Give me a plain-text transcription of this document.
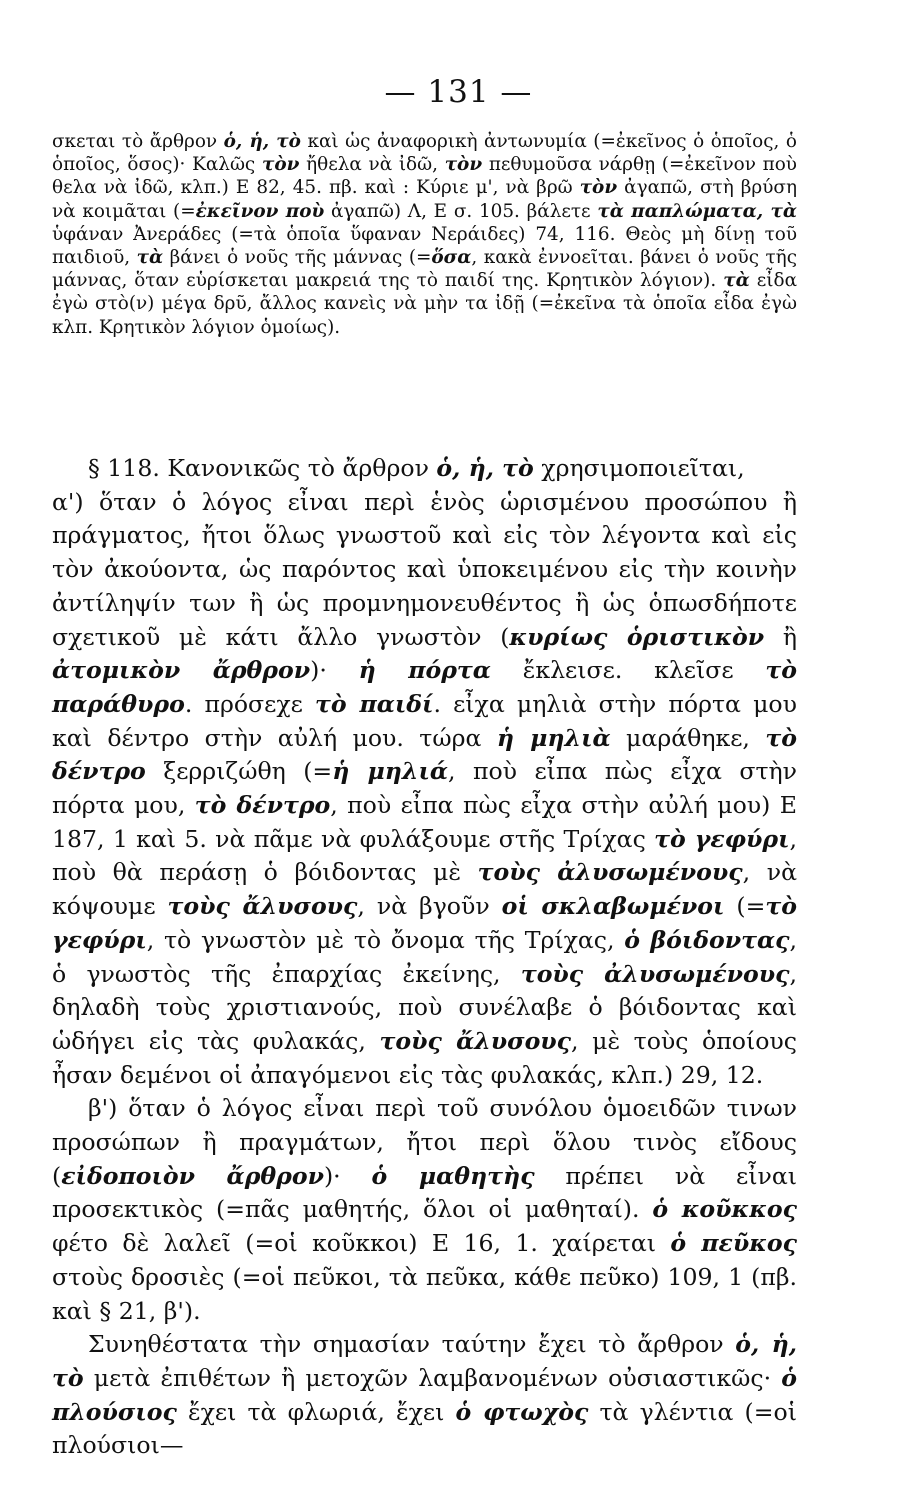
— 131 —

σκεται τὸ ἄρθρον ὁ, ἡ, τὸ καὶ ὡς ἀναφορικὴ ἀντωνυμία (=ἐκεῖνος ὁ ὁποῖος, ὁ ὁποῖος, ὅσος)· Καλῶς τὸν ἤθελα νὰ ἰδῶ, τὸν πεθυμοῦσα νάρθῃ (=ἐκεῖνον ποὺ θελα νὰ ἰδῶ, κλπ.) Ε 82, 45. πβ. καὶ : Κύριε μ', νὰ βρῶ τὸν ἀγαπῶ, στὴ βρύση νὰ κοιμᾶται (=ἐκεῖνον ποὺ ἀγαπῶ) Λ, Ε σ. 105. βάλετε τὰ παπλώματα, τὰ ὑφάναν Ἀνεράδες (=τὰ ὁποῖα ὕφαναν Νεράιδες) 74, 116. Θεὸς μὴ δίνῃ τοῦ παιδιοῦ, τὰ βάνει ὁ νοῦς τῆς μάννας (=ὅσα, κακὰ ἐννοεῖται. βάνει ὁ νοῦς τῆς μάννας, ὅταν εὑρίσκεται μακρειά της τὸ παιδί της. Κρητικὸν λόγιον). τὰ εἶδα ἐγὼ στὸ(ν) μέγα δρῦ, ἄλλος κανεὶς νὰ μὴν τα ἰδῇ (=ἐκεῖνα τὰ ὁποῖα εἶδα ἐγὼ κλπ. Κρητικὸν λόγιον ὁμοίως).

§ 118. Κανονικῶς τὸ ἄρθρον ὁ, ἡ, τὸ χρησιμοποιεῖται,

α') ὅταν ὁ λόγος εἶναι περὶ ἑνὸς ὡρισμένου προσώπου ἢ πράγματος, ἤτοι ὅλως γνωστοῦ καὶ εἰς τὸν λέγοντα καὶ εἰς τὸν ἀκούοντα, ὡς παρόντος καὶ ὑποκειμένου εἰς τὴν κοινὴν ἀντίληψίν των ἢ ὡς προμνημονευθέντος ἢ ὡς ὁπωσδήποτε σχετικοῦ μὲ κάτι ἄλλο γνωστὸν (κυρίως ὁριστικὸν ἢ ἀτομικὸν ἄρθρον)· ἡ πόρτα ἔκλεισε. κλεῖσε τὸ παράθυρο. πρόσεχε τὸ παιδί. εἶχα μηλιὰ στὴν πόρτα μου καὶ δέντρο στὴν αὐλή μου. τώρα ἡ μηλιὰ μαράθηκε, τὸ δέντρο ξερριζώθη (=ἡ μηλιά, ποὺ εἶπα πὼς εἶχα στὴν πόρτα μου, τὸ δέντρο, ποὺ εἶπα πὼς εἶχα στὴν αὐλή μου) Ε 187, 1 καὶ 5. νὰ πᾶμε νὰ φυλάξουμε στῆς Τρίχας τὸ γεφύρι, ποὺ θὰ περάσῃ ὁ βόιδοντας μὲ τοὺς ἀλυσωμένους, νὰ κόψουμε τοὺς ἄλυσους, νὰ βγοῦν οἱ σκλαβωμένοι (=τὸ γεφύρι, τὸ γνωστὸν μὲ τὸ ὄνομα τῆς Τρίχας, ὁ βόιδοντας, ὁ γνωστὸς τῆς ἐπαρχίας ἐκείνης, τοὺς ἀλυσωμένους, δηλαδὴ τοὺς χριστιανούς, ποὺ συνέλαβε ὁ βόιδοντας καὶ ὡδήγει εἰς τὰς φυλακάς, τοὺς ἄλυσους, μὲ τοὺς ὁποίους ἦσαν δεμένοι οἱ ἀπαγόμενοι εἰς τὰς φυλακάς, κλπ.) 29, 12.

β') ὅταν ὁ λόγος εἶναι περὶ τοῦ συνόλου ὁμοειδῶν τινων προσώπων ἢ πραγμάτων, ἤτοι περὶ ὅλου τινὸς εἴδους (εἰδοποιὸν ἄρθρον)· ὁ μαθητὴς πρέπει νὰ εἶναι προσεκτικὸς (=πᾶς μαθητής, ὅλοι οἱ μαθηταί). ὁ κοῦκκος φέτο δὲ λαλεῖ (=οἱ κοῦκκοι) Ε 16, 1. χαίρεται ὁ πεῦκος στοὺς δροσιὲς (=οἱ πεῦκοι, τὰ πεῦκα, κάθε πεῦκο) 109, 1 (πβ. καὶ § 21, β').

Συνηθέστατα τὴν σημασίαν ταύτην ἔχει τὸ ἄρθρον ὁ, ἡ, τὸ μετὰ ἐπιθέτων ἢ μετοχῶν λαμβανομένων οὐσιαστικῶς· ὁ πλούσιος ἔχει τὰ φλωριά, ἔχει ὁ φτωχὸς τὰ γλέντια (=οἱ πλούσιοι—
